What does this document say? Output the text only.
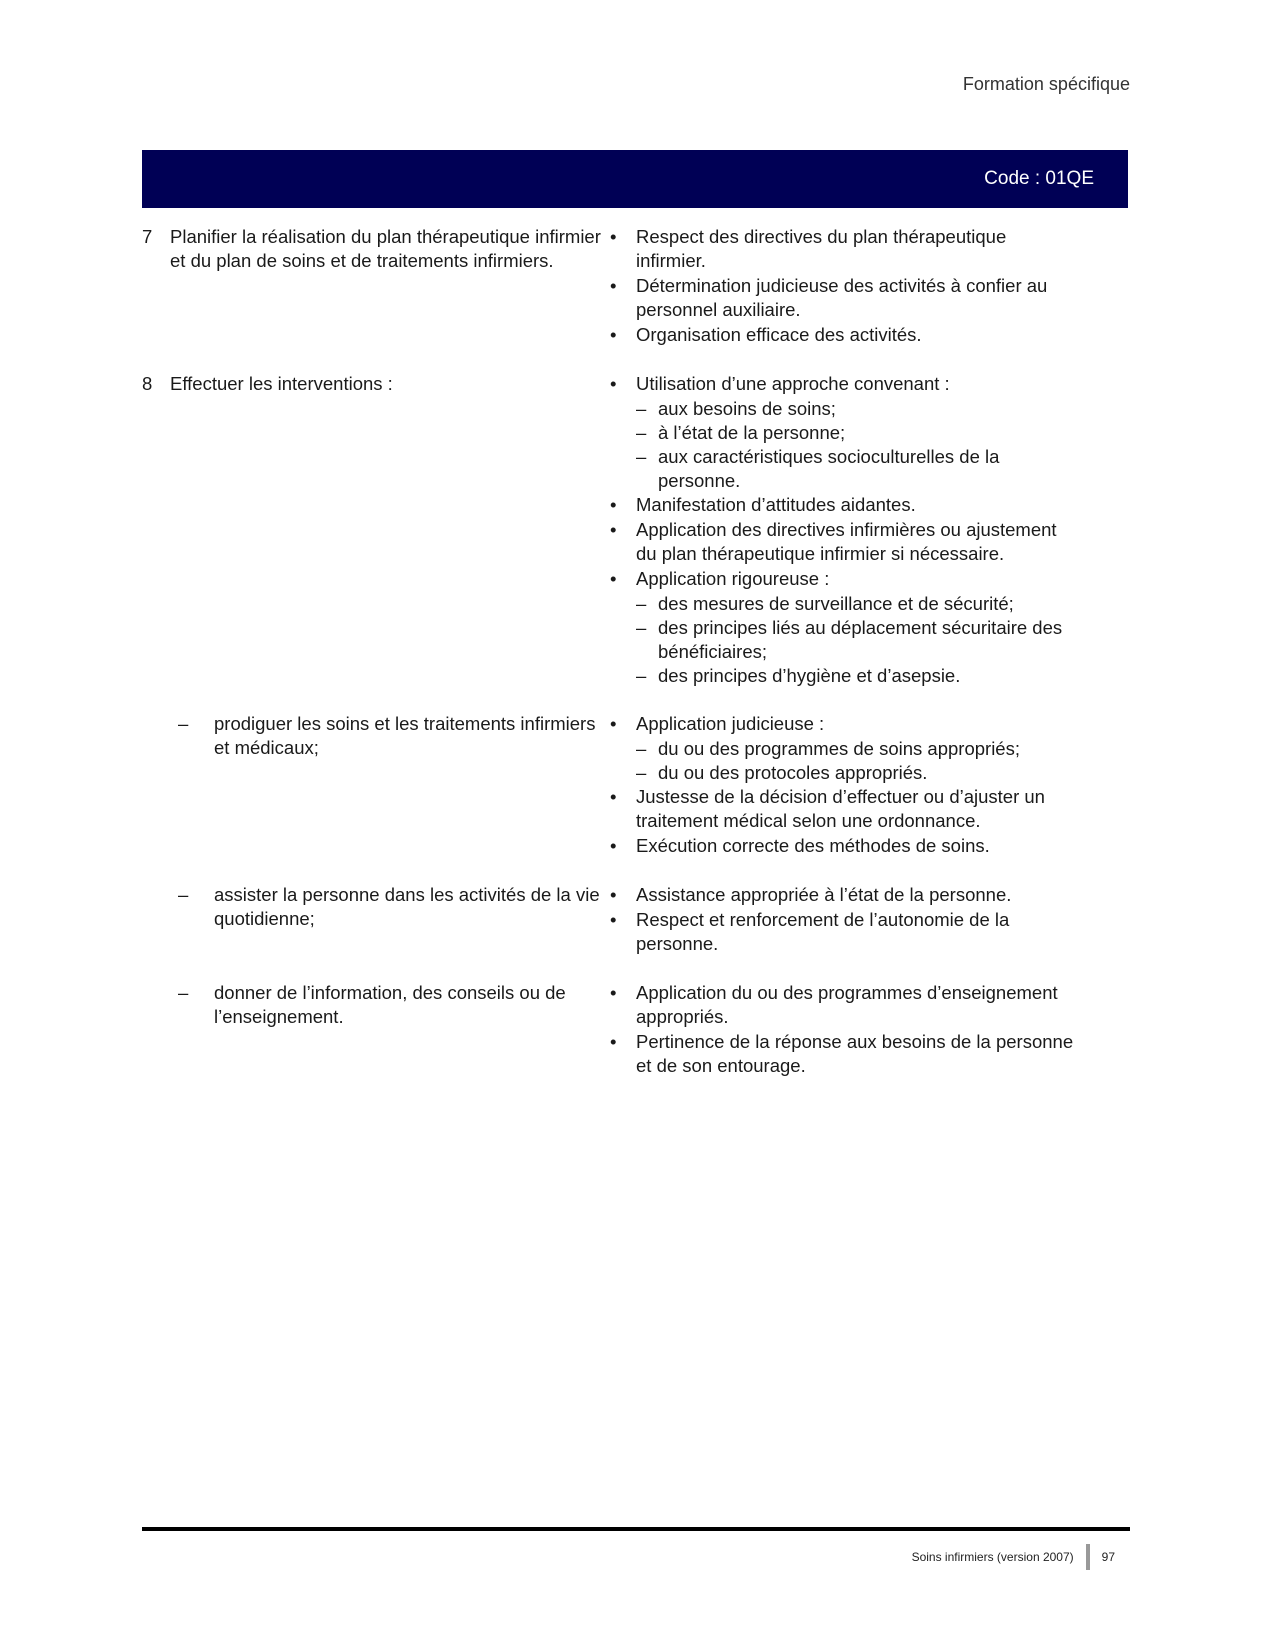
Formation spécifique
Code : 01QE
7 Planifier la réalisation du plan thérapeutique infirmier et du plan de soins et de traitements infirmiers.
•	Respect des directives du plan thérapeutique infirmier.
•	Détermination judicieuse des activités à confier au personnel auxiliaire.
•	Organisation efficace des activités.
8 Effectuer les interventions :	•	Utilisation d’une approche convenant :
– aux besoins de soins;
– à l’état de la personne;
– aux caractéristiques socioculturelles de la personne.
•	Manifestation d’attitudes aidantes.
•	Application des directives infirmières ou ajustement du plan thérapeutique infirmier si nécessaire.
•	Application rigoureuse :
– des mesures de surveillance et de sécurité;
– des principes liés au déplacement sécuritaire des bénéficiaires;
– des principes d’hygiène et d’asepsie.
–	prodiguer les soins et les traitements infirmiers et médicaux;
•	Application judicieuse :
– du ou des programmes de soins appropriés;
– du ou des protocoles appropriés.
•	Justesse de la décision d’effectuer ou d’ajuster un traitement médical selon une ordonnance.
•	Exécution correcte des méthodes de soins.
–	assister la personne dans les activités de la vie quotidienne;
•	Assistance appropriée à l’état de la personne.
•	Respect et renforcement de l’autonomie de la personne.
–	donner de l’information, des conseils ou de l’enseignement.
•	Application du ou des programmes d’enseignement appropriés.
•	Pertinence de la réponse aux besoins de la personne et de son entourage.
Soins infirmiers (version 2007) 97
